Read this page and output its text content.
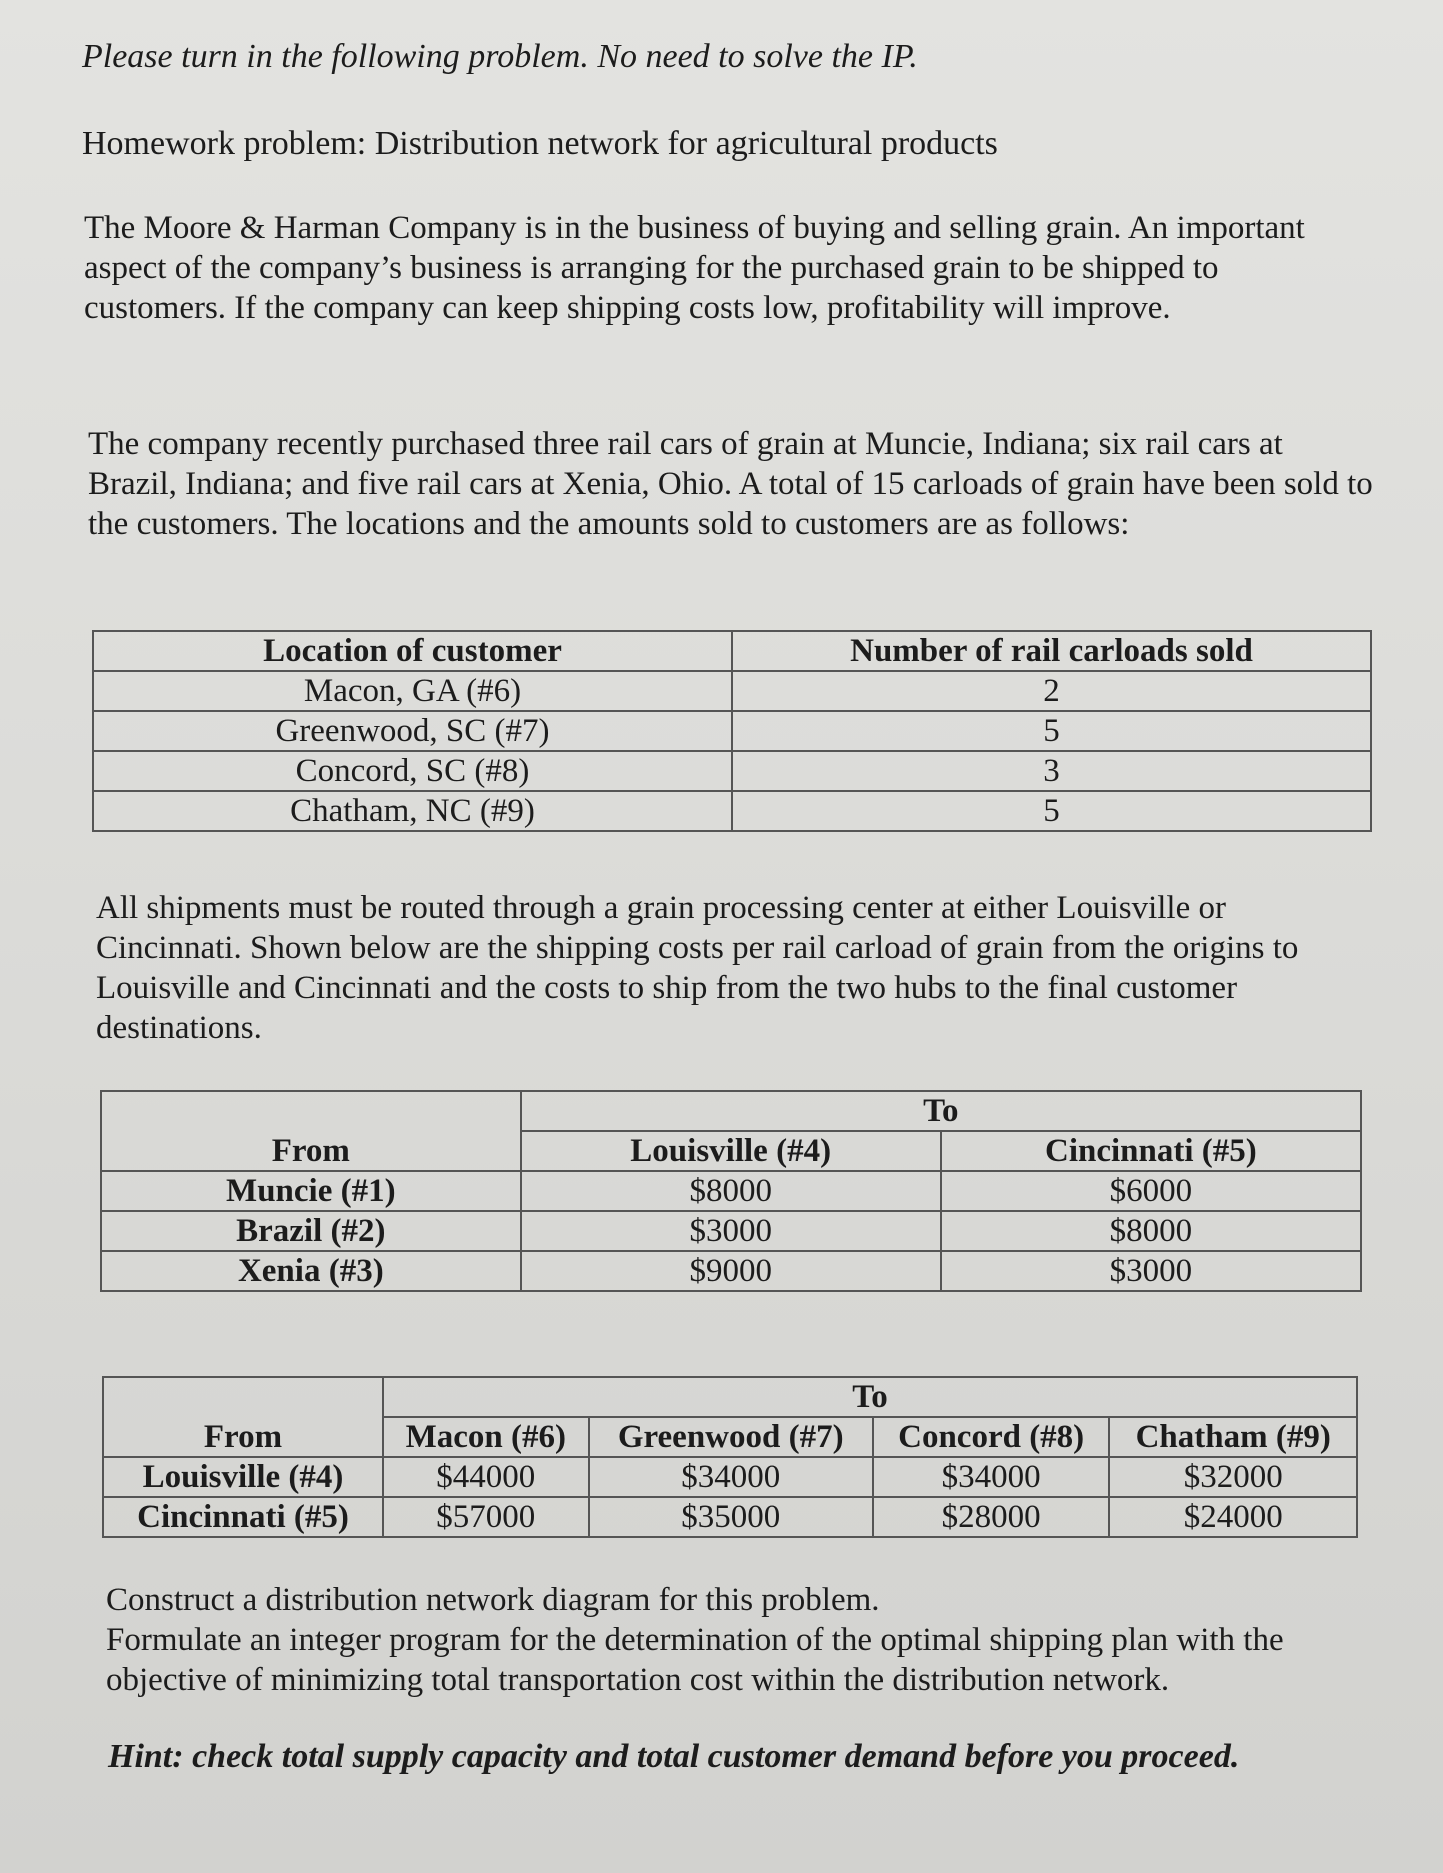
Please turn in the following problem. No need to solve the IP.

Homework problem: Distribution network for agricultural products

The Moore & Harman Company is in the business of buying and selling grain. An important aspect of the company’s business is arranging for the purchased grain to be shipped to customers. If the company can keep shipping costs low, profitability will improve.

The company recently purchased three rail cars of grain at Muncie, Indiana; six rail cars at Brazil, Indiana; and five rail cars at Xenia, Ohio. A total of 15 carloads of grain have been sold to the customers. The locations and the amounts sold to customers are as follows:

Location of customer	Number of rail carloads sold
Macon, GA (#6)	2
Greenwood, SC (#7)	5
Concord, SC (#8)	3
Chatham, NC (#9)	5

All shipments must be routed through a grain processing center at either Louisville or Cincinnati. Shown below are the shipping costs per rail carload of grain from the origins to Louisville and Cincinnati and the costs to ship from the two hubs to the final customer destinations.

	To	
From	Louisville (#4)	Cincinnati (#5)
Muncie (#1)	$8000	$6000
Brazil (#2)	$3000	$8000
Xenia (#3)	$9000	$3000
	To			
From	Macon (#6)	Greenwood (#7)	Concord (#8)	Chatham (#9)
Louisville (#4)	$44000	$34000	$34000	$32000
Cincinnati (#5)	$57000	$35000	$28000	$24000

Construct a distribution network diagram for this problem.

Formulate an integer program for the determination of the optimal shipping plan with the objective of minimizing total transportation cost within the distribution network.

Hint: check total supply capacity and total customer demand before you proceed.
